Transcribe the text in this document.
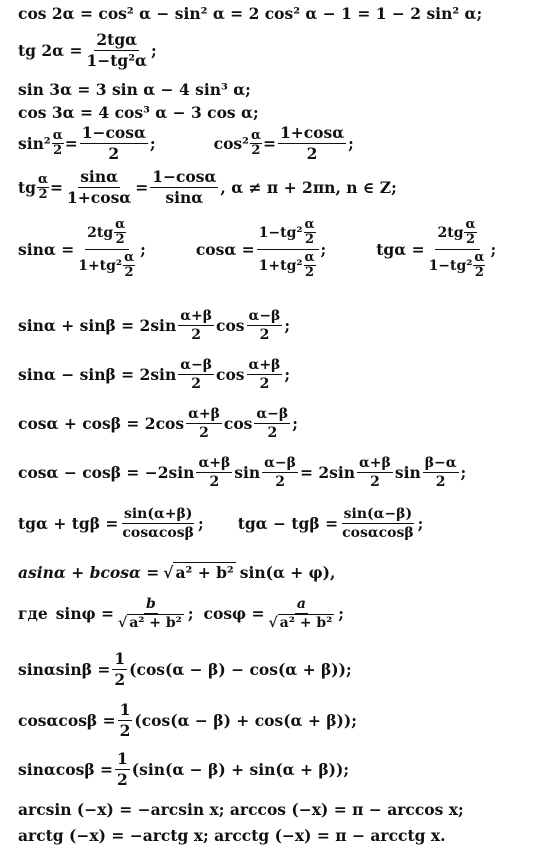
cos 2α = cos² α − sin² α = 2 cos² α − 1 = 1 − 2 sin² α;
tg $2\alpha = \frac{\text{2tgα}}{\text{1−tg²α}}$ ;
sin 3α = 3 sin α − 4 sin³ α;
cos 3α = 4 cos³ α − 3 cos α;
$\sin^2 \frac{\alpha}{2} = \frac{1-\cos\alpha}{2}$ ;	$\cos^2 \frac{\alpha}{2} = \frac{1+\cos\alpha}{2}$ ;
tg $\frac{\alpha}{2} = \frac{\sin\alpha}{1+\cos\alpha} = \frac{1-\cos\alpha}{\sin\alpha}$ , α ≠ π + 2πn, n ∈ Z;
$\sin\alpha = \frac{2tg \frac{\alpha}{2}}{1+tg^2 \frac{\alpha}{2}}$ ;	$\cos\alpha = \frac{1-tg^2 \frac{\alpha}{2}}{1+tg^2 \frac{\alpha}{2}}$ ;	$tg\alpha = \frac{2tg \frac{\alpha}{2}}{1-tg^2 \frac{\alpha}{2}}$ ;
$\sin\alpha + \sin\beta = 2\sin \frac{\alpha+\beta}{2}$ $\cos \frac{\alpha-\beta}{2}$ ;
$\sin\alpha - \sin\beta = 2\sin \frac{\alpha-\beta}{2}$ $\cos \frac{\alpha+\beta}{2}$ ;
$\cos\alpha + \cos\beta = 2\cos \frac{\alpha+\beta}{2}$ $\cos \frac{\alpha-\beta}{2}$ ;
$\cos\alpha - \cos\beta = -2\sin \frac{\alpha+\beta}{2}$ $\sin \frac{\alpha-\beta}{2} = 2\sin \frac{\alpha+\beta}{2}$ $\sin \frac{\beta-\alpha}{2}$ ;
$tg\alpha + tg\beta = \frac{\sin(\alpha+\beta)}{\cos\alpha\cos\beta}$ ; $tg\alpha - tg\beta = \frac{\sin(\alpha-\beta)}{\cos\alpha\cos\beta}$ ;
asinα + bcosα = √ a² + b² sin(α + φ),
где $\sin\varphi = \frac{b}{\text{√ a² + b²}}$ ; $\cos\varphi = \frac{a}{\text{√ a² + b²}}$ ;
$\sin\alpha\sin\beta = \frac{1}{2} (\cos(\alpha - \beta) - \cos(\alpha + \beta))$;
$\cos\alpha\cos\beta = \frac{1}{2} (\cos(\alpha - \beta) + \cos(\alpha + \beta))$;
$\sin\alpha\cos\beta = \frac{1}{2} (\sin(\alpha - \beta) + \sin(\alpha + \beta))$;
arcsin (−x) = −arcsin x; arccos (−x) = π − arccos x;
arctg (−x) = −arctg x; arcctg (−x) = π − arcctg x.
